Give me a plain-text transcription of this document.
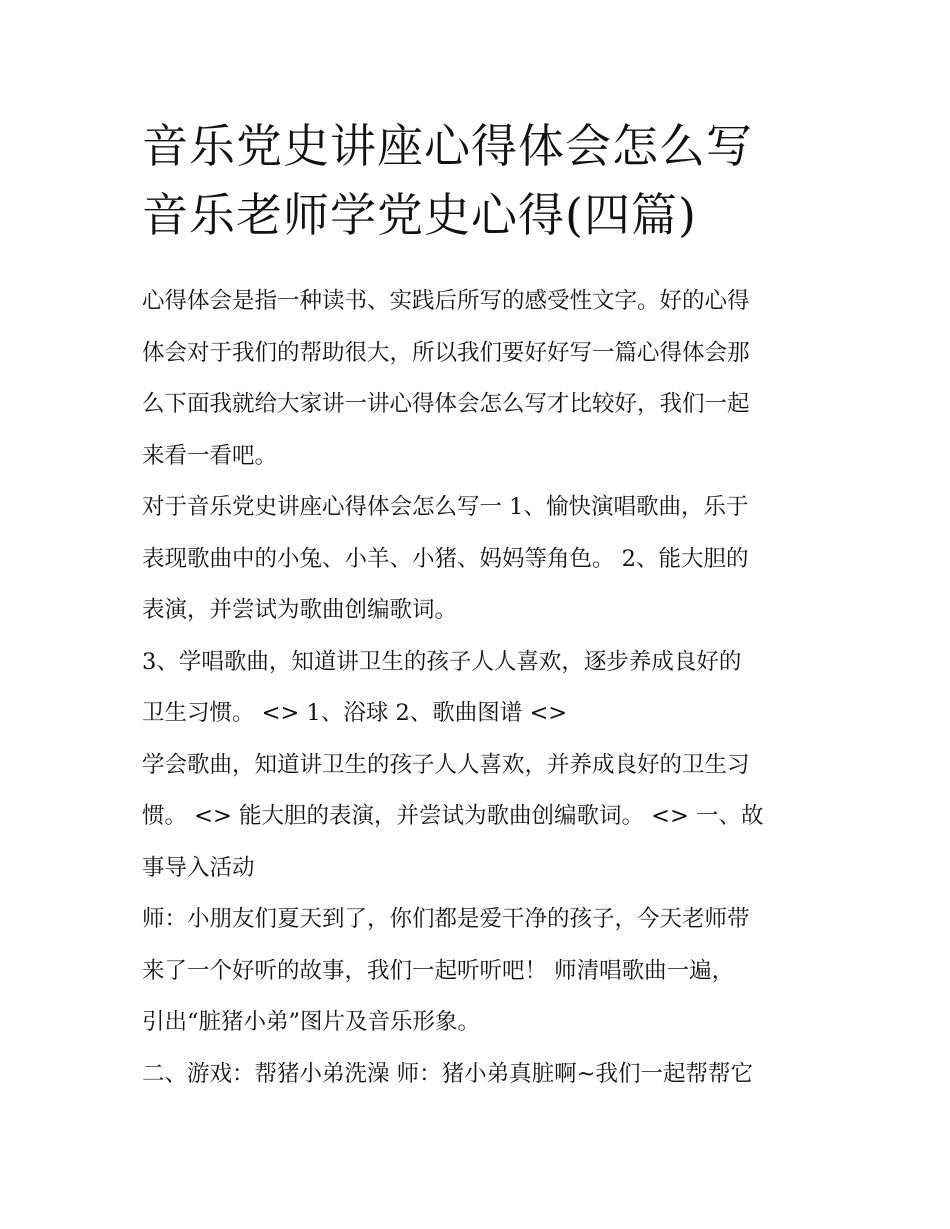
音乐党史讲座心得体会怎么写
音乐老师学党史心得(四篇)

心得体会是指一种读书、实践后所写的感受性文字。好的心得
体会对于我们的帮助很大，所以我们要好好写一篇心得体会那
么下面我就给大家讲一讲心得体会怎么写才比较好，我们一起
来看一看吧。

对于音乐党史讲座心得体会怎么写一 1、愉快演唱歌曲，乐于
表现歌曲中的小兔、小羊、小猪、妈妈等角色。 2、能大胆的
表演，并尝试为歌曲创编歌词。

3、学唱歌曲，知道讲卫生的孩子人人喜欢，逐步养成良好的
卫生习惯。 <> 1、浴球 2、歌曲图谱 <>

学会歌曲，知道讲卫生的孩子人人喜欢，并养成良好的卫生习
惯。 <> 能大胆的表演，并尝试为歌曲创编歌词。 <> 一、故
事导入活动

师：小朋友们夏天到了，你们都是爱干净的孩子，今天老师带
来了一个好听的故事，我们一起听听吧！ 师清唱歌曲一遍，
引出“脏猪小弟”图片及音乐形象。

二、游戏：帮猪小弟洗澡 师：猪小弟真脏啊~我们一起帮帮它
